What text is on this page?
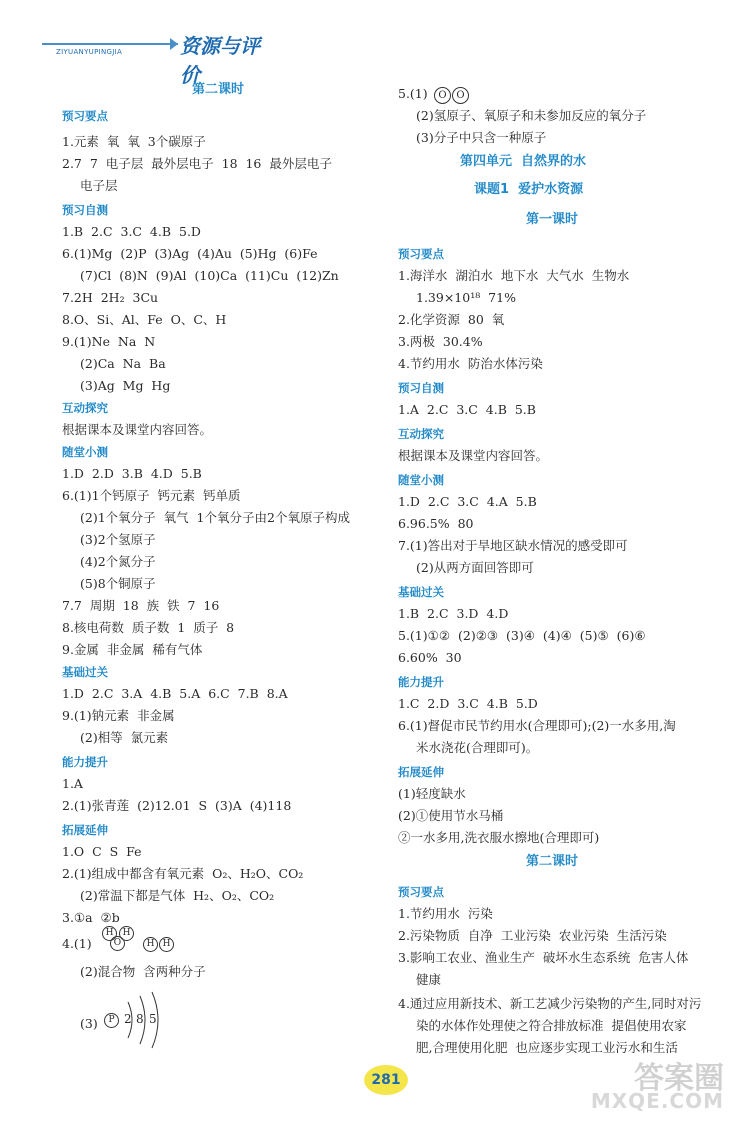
ZIYUANYUPINGJIA	资源与评价
第二课时
预习要点
1.元素  氧  氧  3个碳原子
2.7  7  电子层  最外层电子  18  16  最外层电子
电子层
预习自测
1.B  2.C  3.C  4.B  5.D
6.(1)Mg  (2)P  (3)Ag  (4)Au  (5)Hg  (6)Fe
(7)Cl  (8)N  (9)Al  (10)Ca  (11)Cu  (12)Zn
7.2H  2H₂  3Cu
8.O、Si、Al、Fe  O、C、H
9.(1)Ne  Na  N
(2)Ca  Na  Ba
(3)Ag  Mg  Hg
互动探究
根据课本及课堂内容回答。
随堂小测
1.D  2.D  3.B  4.D  5.B
6.(1)1个钙原子  钙元素  钙单质
(2)1个氧分子  氧气  1个氧分子由2个氧原子构成
(3)2个氢原子
(4)2个氮分子
(5)8个铜原子
7.7  周期  18  族  铁  7  16
8.核电荷数  质子数  1  质子  8
9.金属  非金属  稀有气体
基础过关
1.D  2.C  3.A  4.B  5.A  6.C  7.B  8.A
9.(1)钠元素  非金属
(2)相等  氯元素
能力提升
1.A
2.(1)张青莲  (2)12.01  S  (3)A  (4)118
拓展延伸
1.O  C  S  Fe
2.(1)组成中都含有氧元素  O₂、H₂O、CO₂
(2)常温下都是气体  H₂、O₂、CO₂
3.①a  ②b
4.(1)
(2)混合物  含两种分子
(3)
5.(1)
(2)氢原子、氧原子和未参加反应的氧分子
(3)分子中只含一种原子
第四单元  自然界的水
课题1  爱护水资源
第一课时
预习要点
1.海洋水  湖泊水  地下水  大气水  生物水
1.39×10¹⁸  71%
2.化学资源  80  氧
3.两极  30.4%
4.节约用水  防治水体污染
预习自测
1.A  2.C  3.C  4.B  5.B
互动探究
根据课本及课堂内容回答。
随堂小测
1.D  2.C  3.C  4.A  5.B
6.96.5%  80
7.(1)答出对于旱地区缺水情况的感受即可
(2)从两方面回答即可
基础过关
1.B  2.C  3.D  4.D
5.(1)①②  (2)②③  (3)④  (4)④  (5)⑤  (6)⑥
6.60%  30
能力提升
1.C  2.D  3.C  4.B  5.D
6.(1)督促市民节约用水(合理即可);(2)一水多用,淘
米水浇花(合理即可)。
拓展延伸
(1)轻度缺水
(2)①使用节水马桶
②一水多用,洗衣服水擦地(合理即可)
第二课时
预习要点
1.节约用水  污染
2.污染物质  自净  工业污染  农业污染  生活污染
3.影响工农业、渔业生产  破坏水生态系统  危害人体
健康
4.通过应用新技术、新工艺减少污染物的产生,同时对污
染的水体作处理使之符合排放标准  提倡使用农家
肥,合理使用化肥  也应逐步实现工业污水和生活
O O
H
O
H
H H
P 2 8 5
281	答案圈
MXQE.COM
